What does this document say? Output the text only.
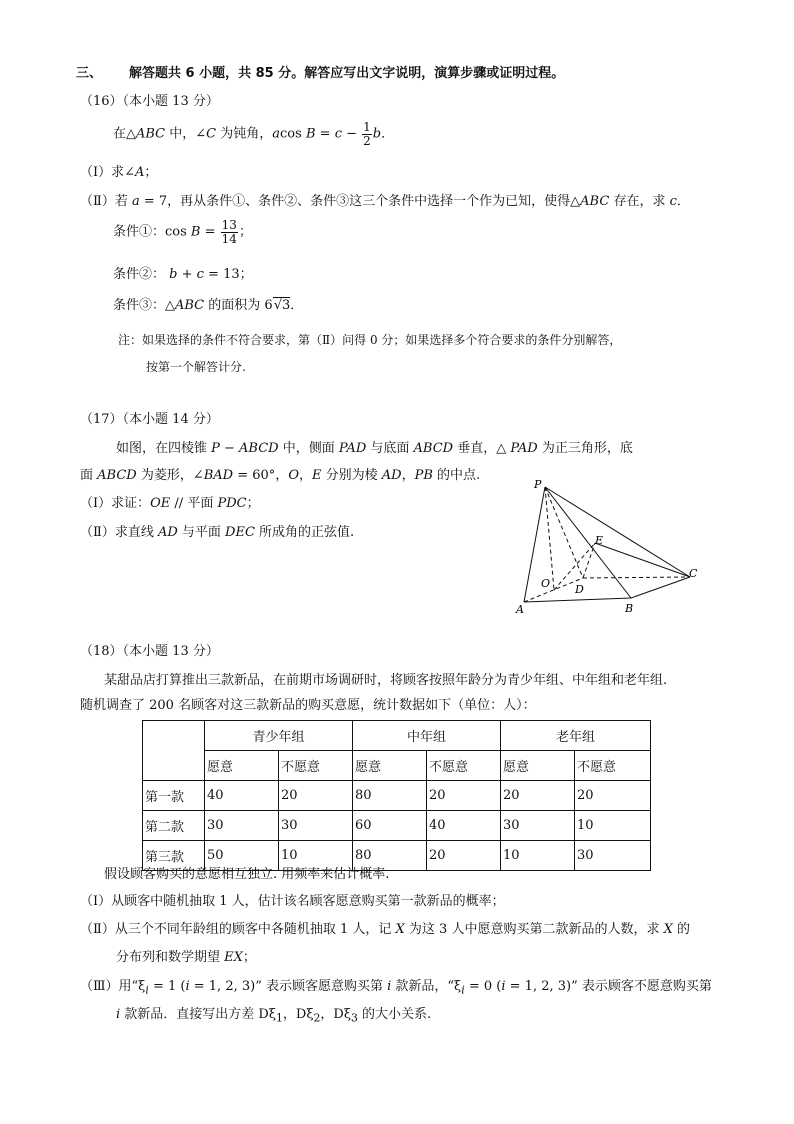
三、 解答题共 6 小题，共 85 分。解答应写出文字说明，演算步骤或证明过程。
（16）（本小题 13 分）
在△ABC 中，∠C 为钝角，acos $B = c - \frac{1}{2}$ b．
（Ⅰ）求∠A；
（Ⅱ）若 a = 7，再从条件①、条件②、条件③这三个条件中选择一个作为已知，使得△ABC 存在，求 c．
条件①：$\cos B = \frac{13}{14}$ ；
条件②： b + c = 13；
条件③：△ABC 的面积为 6√3．
注：如果选择的条件不符合要求，第（Ⅱ）问得 0 分；如果选择多个符合要求的条件分别解答，
按第一个解答计分.
（17）（本小题 14 分）
如图，在四棱锥 P − ABCD 中，侧面 PAD 与底面 ABCD 垂直，△ PAD 为正三角形，底
面 ABCD 为菱形，∠BAD = 60°，O，E 分别为棱 AD，PB 的中点.
（Ⅰ）求证：OE // 平面 PDC；
（Ⅱ）求直线 AD 与平面 DEC 所成角的正弦值.
P
E
C
O D
A	B
（18）（本小题 13 分）
某甜品店打算推出三款新品，在前期市场调研时，将顾客按照年龄分为青少年组、中年组和老年组.
随机调查了 200 名顾客对这三款新品的购买意愿，统计数据如下（单位：人）：
	青少年组		中年组		老年组	
	愿意	不愿意	愿意	不愿意	愿意	不愿意
第一款	40	20	80	20	20	20
第二款	30	30	60	40	30	10
第三款	50	10	80	20	10	30
假设顾客购买的意愿相互独立. 用频率来估计概率.
（Ⅰ）从顾客中随机抽取 1 人，估计该名顾客愿意购买第一款新品的概率；
（Ⅱ）从三个不同年龄组的顾客中各随机抽取 1 人，记 X 为这 3 人中愿意购买第二款新品的人数，求 X 的
分布列和数学期望 EX；
（Ⅲ）用“$\xi_i = 1$ (i = 1, 2, 3)” 表示顾客愿意购买第 i 款新品，“$\xi_i = 0$ (i = 1, 2, 3)” 表示顾客不愿意购买第
i 款新品．直接写出方差 $D\xi_1$，$D\xi_2$，$D\xi_3$ 的大小关系.
